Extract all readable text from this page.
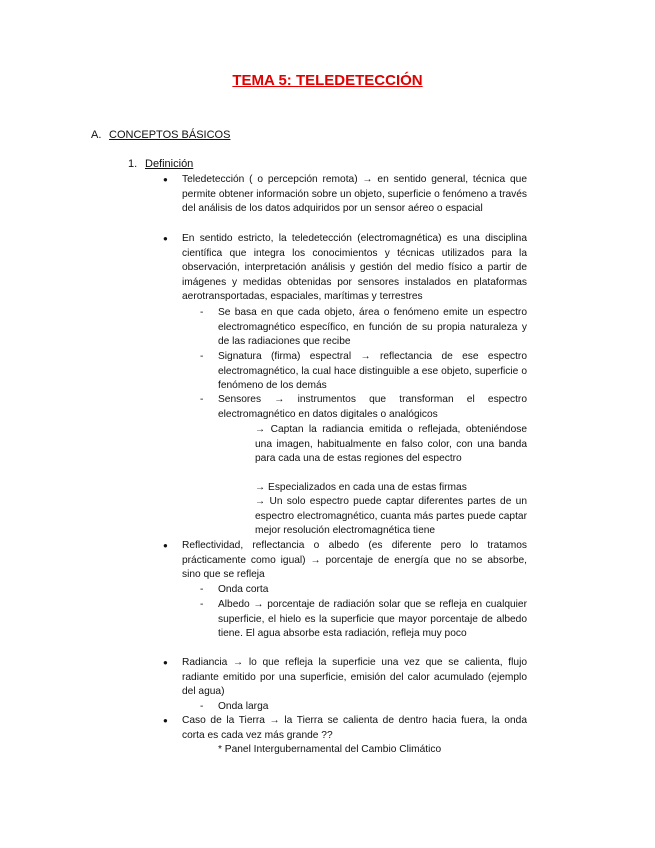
TEMA 5: TELEDETECCIÓN
A. CONCEPTOS BÁSICOS
1. Definición
● Teledetección ( o percepción remota) → en sentido general, técnica que permite obtener información sobre un objeto, superficie o fenómeno a través del análisis de los datos adquiridos por un sensor aéreo o espacial
● En sentido estricto, la teledetección (electromagnética) es una disciplina científica que integra los conocimientos y técnicas utilizados para la observación, interpretación análisis y gestión del medio físico a partir de imágenes y medidas obtenidas por sensores instalados en plataformas aerotransportadas, espaciales, marítimas y terrestres
- Se basa en que cada objeto, área o fenómeno emite un espectro electromagnético específico, en función de su propia naturaleza y de las radiaciones que recibe
- Signatura (firma) espectral → reflectancia de ese espectro electromagnético, la cual hace distinguible a ese objeto, superficie o fenómeno de los demás
- Sensores → instrumentos que transforman el espectro electromagnético en datos digitales o analógicos
→ Captan la radiancia emitida o reflejada, obteniéndose una imagen, habitualmente en falso color, con una banda para cada una de estas regiones del espectro
→ Especializados en cada una de estas firmas
→ Un solo espectro puede captar diferentes partes de un espectro electromagnético, cuanta más partes puede captar mejor resolución electromagnética tiene
● Reflectividad, reflectancia o albedo (es diferente pero lo tratamos prácticamente como igual) → porcentaje de energía que no se absorbe, sino que se refleja
- Onda corta
- Albedo → porcentaje de radiación solar que se refleja en cualquier superficie, el hielo es la superficie que mayor porcentaje de albedo tiene. El agua absorbe esta radiación, refleja muy poco
● Radiancia → lo que refleja la superficie una vez que se calienta, flujo radiante emitido por una superficie, emisión del calor acumulado (ejemplo del agua)
- Onda larga
● Caso de la Tierra → la Tierra se calienta de dentro hacia fuera, la onda corta es cada vez más grande ??
* Panel Intergubernamental del Cambio Climático
